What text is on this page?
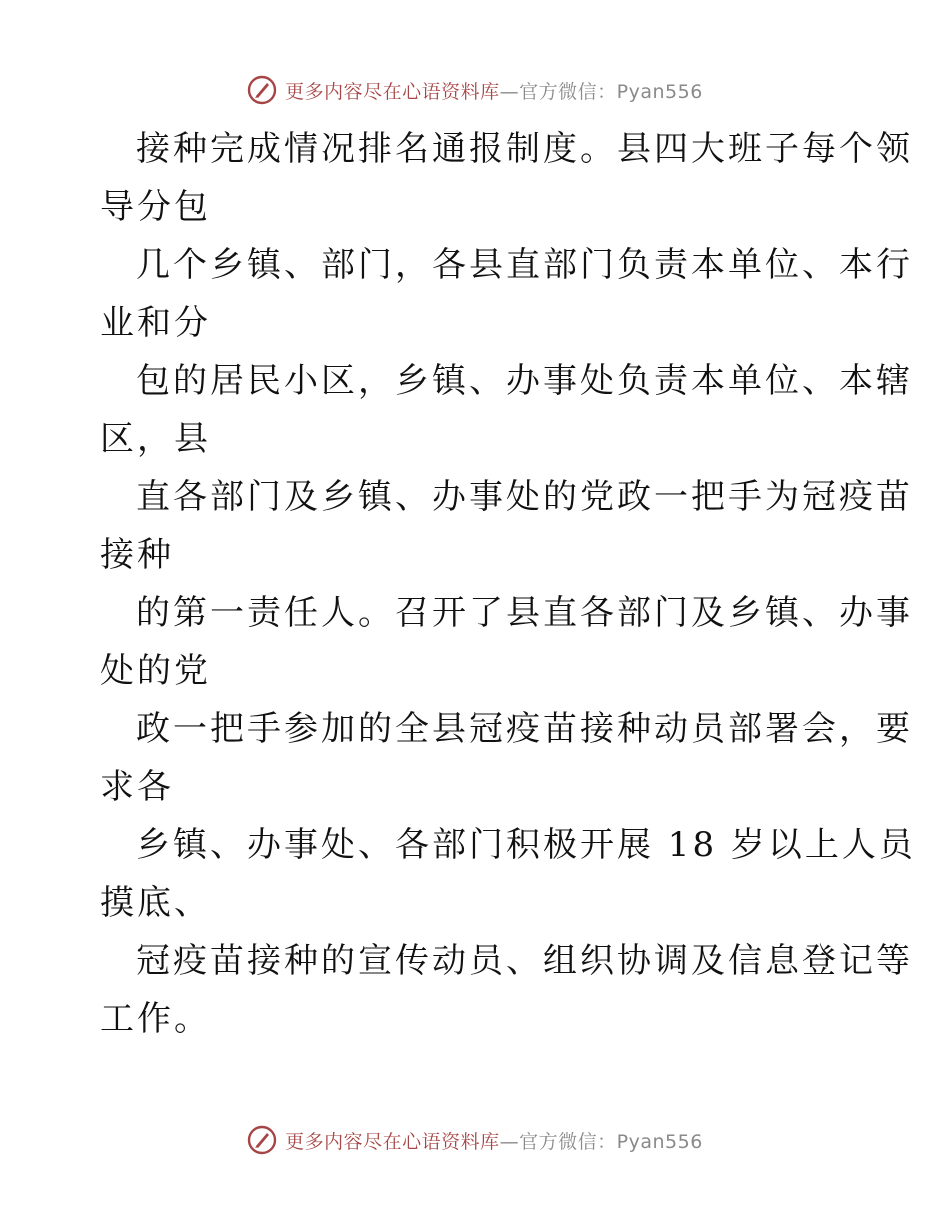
更多内容尽在心语资料库—官方微信：Pyan556
接种完成情况排名通报制度。县四大班子每个领
导分包
几个乡镇、部门，各县直部门负责本单位、本行
业和分
包的居民小区，乡镇、办事处负责本单位、本辖
区，县
直各部门及乡镇、办事处的党政一把手为冠疫苗
接种
的第一责任人。召开了县直各部门及乡镇、办事
处的党
政一把手参加的全县冠疫苗接种动员部署会，要
求各
乡镇、办事处、各部门积极开展 18 岁以上人员
摸底、
冠疫苗接种的宣传动员、组织协调及信息登记等
工作。
更多内容尽在心语资料库—官方微信：Pyan556
